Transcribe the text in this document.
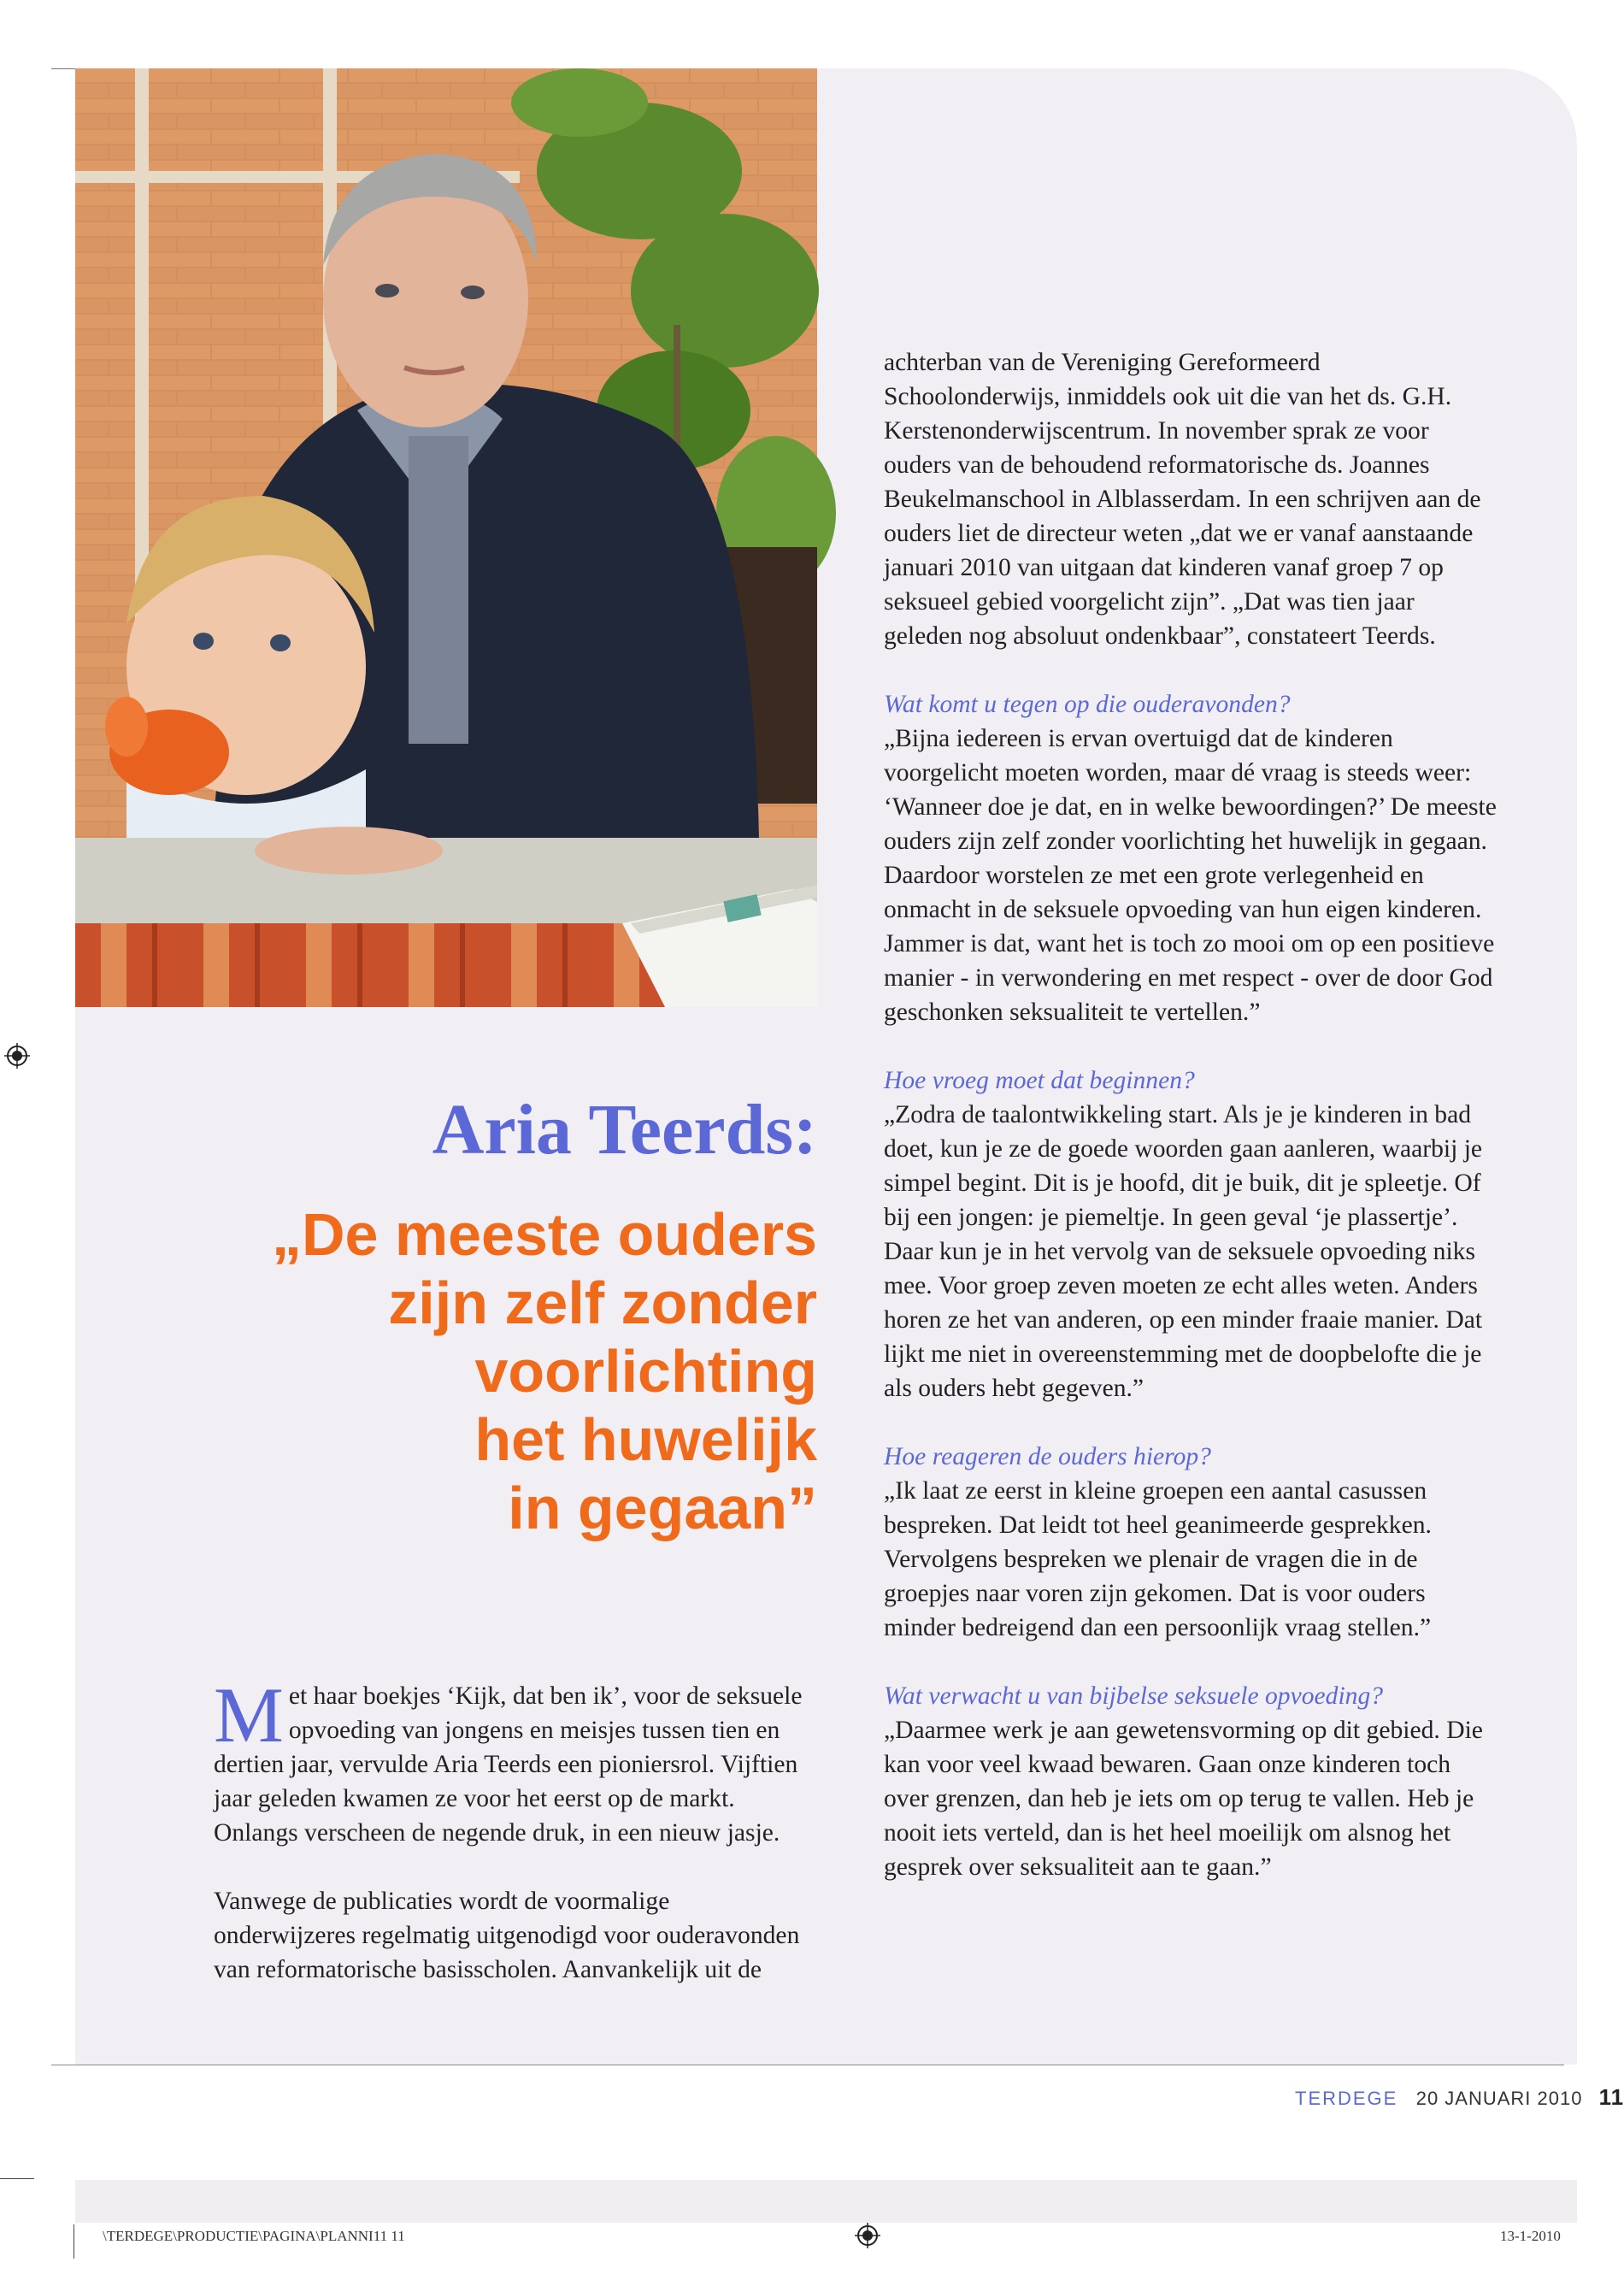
Aria Teerds:
„De meeste ouders
zijn zelf zonder
voorlichting
het huwelijk
in gegaan”

Met haar boekjes ‘Kijk, dat ben ik’, voor de seksuele opvoeding van jongens en meisjes tussen tien en dertien jaar, vervulde Aria Teerds een pioniersrol. Vijftien jaar geleden kwamen ze voor het eerst op de markt. Onlangs verscheen de negende druk, in een nieuw jasje.

Vanwege de publicaties wordt de voormalige onderwijzeres regelmatig uitgenodigd voor ouderavonden van reformatorische basisscholen. Aanvankelijk uit de

achterban van de Vereniging Gereformeerd Schoolonderwijs, inmiddels ook uit die van het ds. G.H. Kerstenonderwijscentrum. In november sprak ze voor ouders van de behoudend reformatorische ds. Joannes Beukelmanschool in Alblasserdam. In een schrijven aan de ouders liet de directeur weten „dat we er vanaf aanstaande januari 2010 van uitgaan dat kinderen vanaf groep 7 op seksueel gebied voorgelicht zijn”. „Dat was tien jaar geleden nog absoluut ondenkbaar”, constateert Teerds.

Wat komt u tegen op die ouderavonden?

„Bijna iedereen is ervan overtuigd dat de kinderen voorgelicht moeten worden, maar dé vraag is steeds weer: ‘Wanneer doe je dat, en in welke bewoordingen?’ De meeste ouders zijn zelf zonder voorlichting het huwelijk in gegaan. Daardoor worstelen ze met een grote verlegenheid en onmacht in de seksuele opvoeding van hun eigen kinderen. Jammer is dat, want het is toch zo mooi om op een positieve manier - in verwondering en met respect - over de door God geschonken seksualiteit te vertellen.”

Hoe vroeg moet dat beginnen?

„Zodra de taalontwikkeling start. Als je je kinderen in bad doet, kun je ze de goede woorden gaan aanleren, waarbij je simpel begint. Dit is je hoofd, dit je buik, dit je spleetje. Of bij een jongen: je piemeltje. In geen geval ‘je plassertje’. Daar kun je in het vervolg van de seksuele opvoeding niks mee. Voor groep zeven moeten ze echt alles weten. Anders horen ze het van anderen, op een minder fraaie manier. Dat lijkt me niet in overeenstemming met de doopbelofte die je als ouders hebt gegeven.”

Hoe reageren de ouders hierop?

„Ik laat ze eerst in kleine groepen een aantal casussen bespreken. Dat leidt tot heel geanimeerde gesprekken. Vervolgens bespreken we plenair de vragen die in de groepjes naar voren zijn gekomen. Dat is voor ouders minder bedreigend dan een persoonlijk vraag stellen.”

Wat verwacht u van bijbelse seksuele opvoeding?

„Daarmee werk je aan gewetensvorming op dit gebied. Die kan voor veel kwaad bewaren. Gaan onze kinderen toch over grenzen, dan heb je iets om op terug te vallen. Heb je nooit iets verteld, dan is het heel moeilijk om alsnog het gesprek over seksualiteit aan te gaan.”

TERDEGE 20 JANUARI 2010 11
\TERDEGE\PRODUCTIE\PAGINA\PLANNI11 11	13-1-2010
